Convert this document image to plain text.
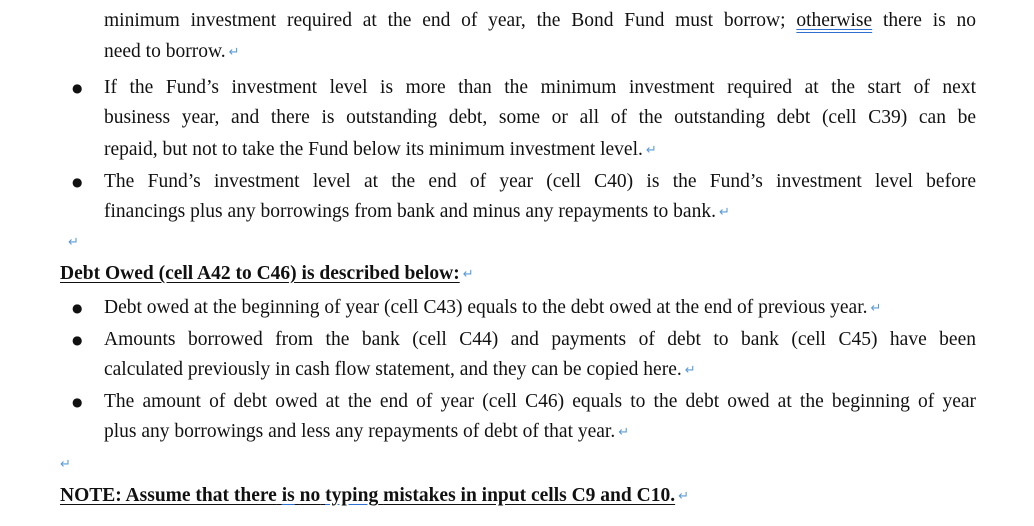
minimum investment required at the end of year, the Bond Fund must borrow; otherwise there is no
need to borrow. ↵
● If the Fund’s investment level is more than the minimum investment required at the start of next
business year, and there is outstanding debt, some or all of the outstanding debt (cell C39) can be
repaid, but not to take the Fund below its minimum investment level. ↵
● The Fund’s investment level at the end of year (cell C40) is the Fund’s investment level before
financings plus any borrowings from bank and minus any repayments to bank. ↵
↵
Debt Owed (cell A42 to C46) is described below: ↵
● Debt owed at the beginning of year (cell C43) equals to the debt owed at the end of previous year. ↵
● Amounts borrowed from the bank (cell C44) and payments of debt to bank (cell C45) have been
calculated previously in cash flow statement, and they can be copied here. ↵
● The amount of debt owed at the end of year (cell C46) equals to the debt owed at the beginning of year
plus any borrowings and less any repayments of debt of that year. ↵
↵
NOTE: Assume that there is no typing mistakes in input cells C9 and C10. ↵
